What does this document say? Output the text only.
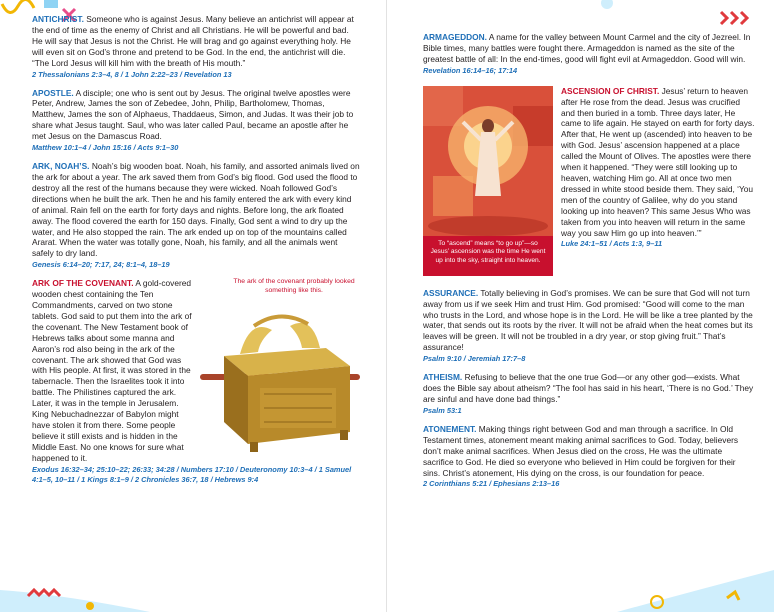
ANTICHRIST. Someone who is against Jesus. Many believe an antichrist will appear at the end of time as the enemy of Christ and all Christians. He will be powerful and bad. He will say that Jesus is not the Christ. He will brag and go against everything holy. He will even sit on God’s throne and pretend to be God. In the end, the antichrist will die. “The Lord Jesus will kill him with the breath of His mouth.”
2 Thessalonians 2:3–4, 8 / 1 John 2:22–23 / Revelation 13
APOSTLE. A disciple; one who is sent out by Jesus. The original twelve apostles were Peter, Andrew, James the son of Zebedee, John, Philip, Bartholomew, Thomas, Matthew, James the son of Alphaeus, Thaddaeus, Simon, and Judas. It was their job to share what Jesus taught. Saul, who was later called Paul, became an apostle after he met Jesus on the Damascus Road.
Matthew 10:1–4 / John 15:16 / Acts 9:1–30
ARK, NOAH’S. Noah’s big wooden boat. Noah, his family, and assorted animals lived on the ark for about a year. The ark saved them from God’s big flood. God used the flood to destroy all the rest of the humans because they were wicked. Noah followed God’s directions when he built the ark. Then he and his family entered the ark with every kind of animal. Rain fell on the earth for forty days and nights. Before long, the ark floated away. The flood covered the earth for 150 days. Finally, God sent a wind to dry up the water, and He also stopped the rain. The ark ended up on top of the mountains called Ararat. When the water was totally gone, Noah, his family, and all the animals went safely to dry land.
Genesis 6:14–20; 7:17, 24; 8:1–4, 18–19
The ark of the covenant probably looked something like this.
ARK OF THE COVENANT. A gold-covered wooden chest containing the Ten Commandments, carved on two stone tablets. God said to put them into the ark of the covenant. The New Testament book of Hebrews talks about some manna and Aaron’s rod also being in the ark of the covenant. The ark showed that God was with His people. At first, it was stored in the tabernacle. Then the Israelites took it into battle. The Philistines captured the ark. Later, it was in the temple in Jerusalem. King Nebuchadnezzar of Babylon might have stolen it from there. Some people believe it still exists and is hidden in the Middle East. No one knows for sure what happened to it.
Exodus 16:32–34; 25:10–22; 26:33; 34:28 / Numbers 17:10 / Deuteronomy 10:3–4 / 1 Samuel 4:1–5, 10–11 / 1 Kings 8:1–9 / 2 Chronicles 36:7, 18 / Hebrews 9:4
ARMAGEDDON. A name for the valley between Mount Carmel and the city of Jezreel. In Bible times, many battles were fought there. Armageddon is named as the site of the greatest battle of all: In the end-times, good will fight evil at Armageddon. Good will win.
Revelation 16:14–16; 17:14
To “ascend” means “to go up”—so Jesus’ ascension was the time He went up into the sky, straight into heaven.
ASCENSION OF CHRIST. Jesus’ return to heaven after He rose from the dead. Jesus was crucified and then buried in a tomb. Three days later, He came to life again. He stayed on earth for forty days. After that, He went up (ascended) into heaven to be with God. Jesus’ ascension happened at a place called the Mount of Olives. The apostles were there when it happened. “They were still looking up to heaven, watching Him go. All at once two men dressed in white stood beside them. They said, ‘You men of the country of Galilee, why do you stand looking up into heaven? This same Jesus Who was taken from you into heaven will return in the same way you saw Him go up into heaven.’”
Luke 24:1–51 / Acts 1:3, 9–11
ASSURANCE. Totally believing in God’s promises. We can be sure that God will not turn away from us if we seek Him and trust Him. God promised: “Good will come to the man who trusts in the Lord, and whose hope is in the Lord. He will be like a tree planted by the water, that sends out its roots by the river. It will not be afraid when the heat comes but its leaves will be green. It will not be troubled in a dry year, or stop giving fruit.” That’s assurance!
Psalm 9:10 / Jeremiah 17:7–8
ATHEISM. Refusing to believe that the one true God—or any other god—exists. What does the Bible say about atheism? “The fool has said in his heart, ‘There is no God.’ They are sinful and have done bad things.”
Psalm 53:1
ATONEMENT. Making things right between God and man through a sacrifice. In Old Testament times, atonement meant making animal sacrifices to God. Today, believers don’t make animal sacrifices. When Jesus died on the cross, He was the ultimate sacrifice to God. He died so everyone who believed in Him could be forgiven for their sins. Christ’s atonement, His dying on the cross, is our foundation for peace.
2 Corinthians 5:21 / Ephesians 2:13–16
